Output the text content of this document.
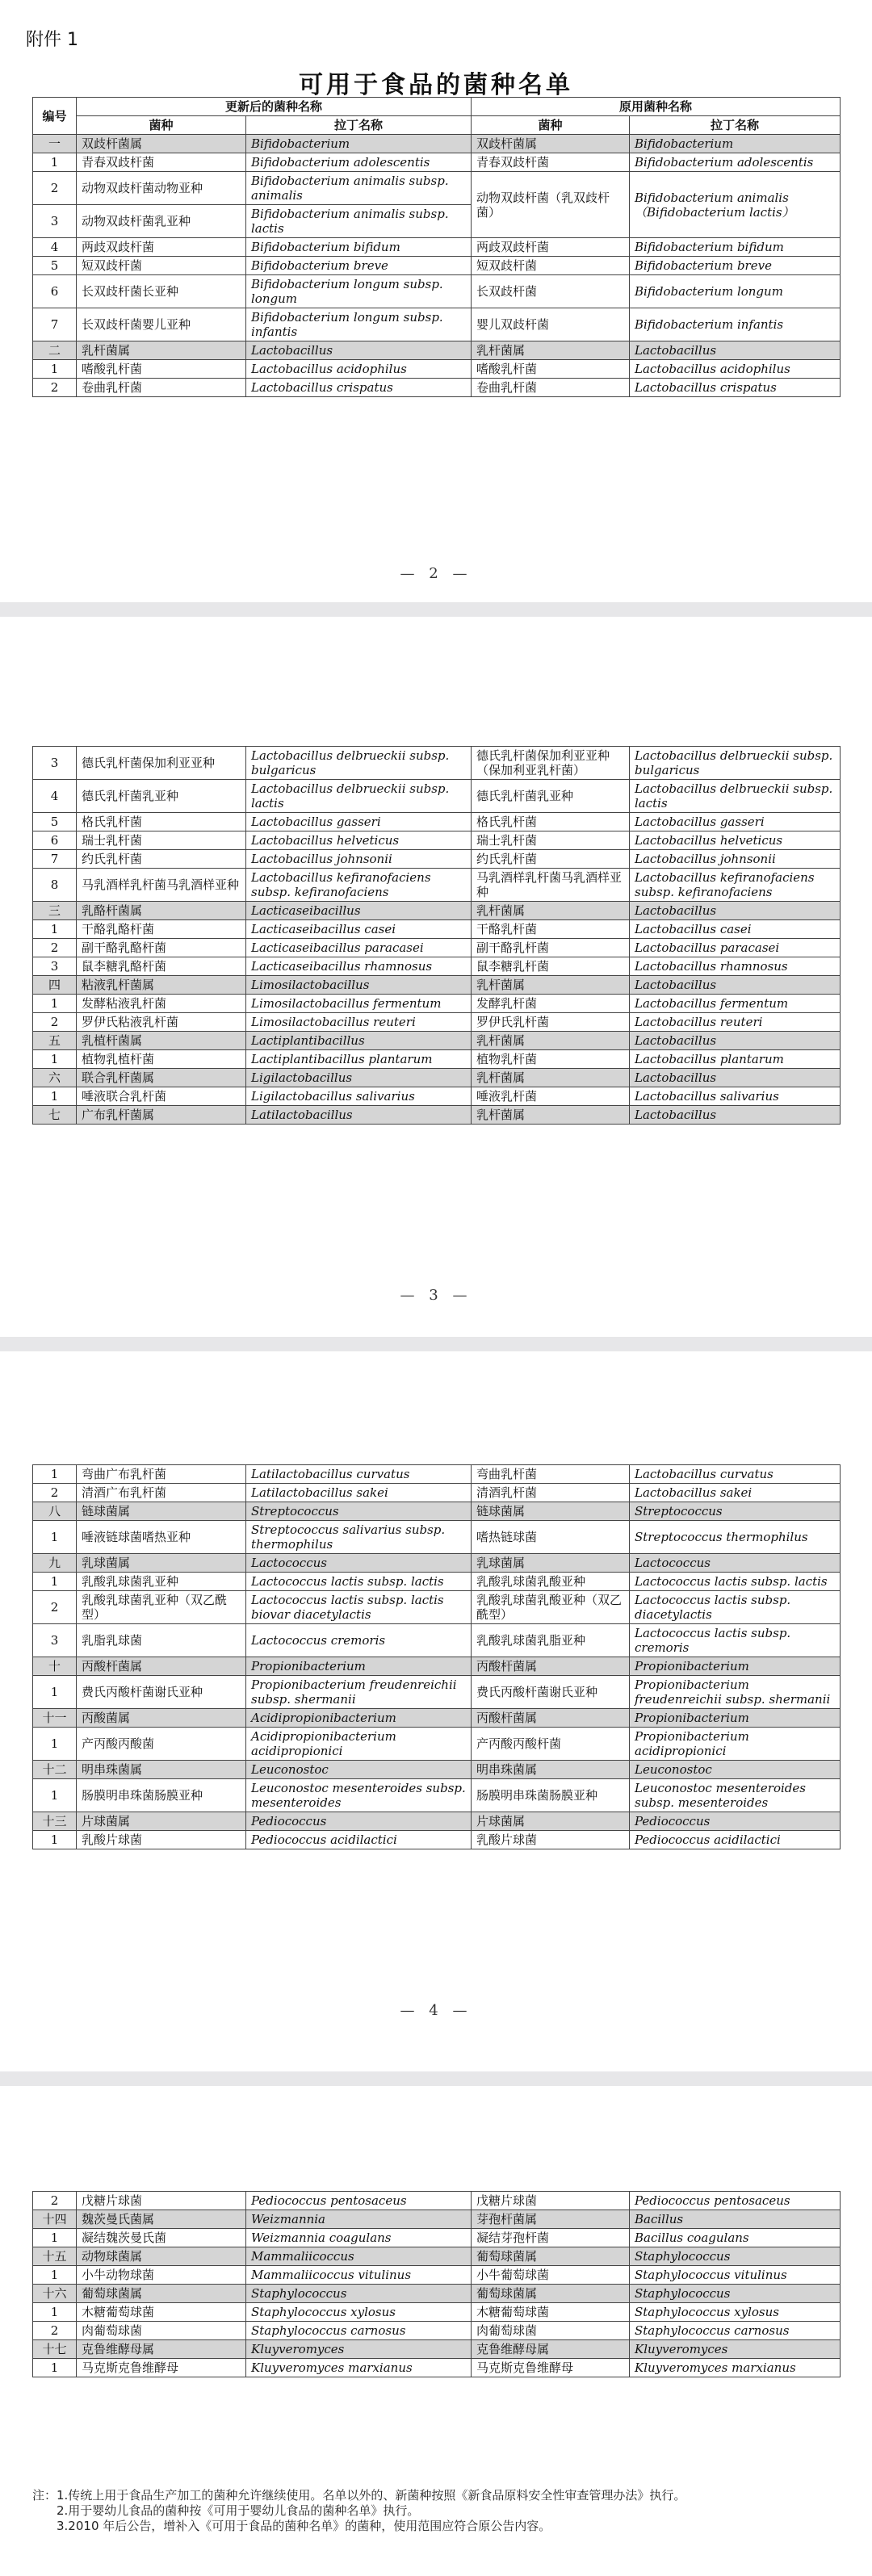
附件 1
可用于食品的菌种名单
编号	更新后的菌种名称		原用菌种名称	
	菌种	拉丁名称	菌种	拉丁名称
一	双歧杆菌属	Bifidobacterium	双歧杆菌属	Bifidobacterium
1	青春双歧杆菌	Bifidobacterium adolescentis	青春双歧杆菌	Bifidobacterium adolescentis
2	动物双歧杆菌动物亚种	Bifidobacterium animalis subsp. animalis	动物双歧杆菌（乳双歧杆菌）	Bifidobacterium animalis（Bifidobacterium lactis）
3	动物双歧杆菌乳亚种	Bifidobacterium animalis subsp. lactis		
4	两歧双歧杆菌	Bifidobacterium bifidum	两歧双歧杆菌	Bifidobacterium bifidum
5	短双歧杆菌	Bifidobacterium breve	短双歧杆菌	Bifidobacterium breve
6	长双歧杆菌长亚种	Bifidobacterium longum subsp. longum	长双歧杆菌	Bifidobacterium longum
7	长双歧杆菌婴儿亚种	Bifidobacterium longum subsp. infantis	婴儿双歧杆菌	Bifidobacterium infantis
二	乳杆菌属	Lactobacillus	乳杆菌属	Lactobacillus
1	嗜酸乳杆菌	Lactobacillus acidophilus	嗜酸乳杆菌	Lactobacillus acidophilus
2	卷曲乳杆菌	Lactobacillus crispatus	卷曲乳杆菌	Lactobacillus crispatus
— 2 —
3	德氏乳杆菌保加利亚亚种	Lactobacillus delbrueckii subsp. bulgaricus	德氏乳杆菌保加利亚亚种（保加利亚乳杆菌）	Lactobacillus delbrueckii subsp. bulgaricus
4	德氏乳杆菌乳亚种	Lactobacillus delbrueckii subsp. lactis	德氏乳杆菌乳亚种	Lactobacillus delbrueckii subsp. lactis
5	格氏乳杆菌	Lactobacillus gasseri	格氏乳杆菌	Lactobacillus gasseri
6	瑞士乳杆菌	Lactobacillus helveticus	瑞士乳杆菌	Lactobacillus helveticus
7	约氏乳杆菌	Lactobacillus johnsonii	约氏乳杆菌	Lactobacillus johnsonii
8	马乳酒样乳杆菌马乳酒样亚种	Lactobacillus kefiranofaciens subsp. kefiranofaciens	马乳酒样乳杆菌马乳酒样亚种	Lactobacillus kefiranofaciens subsp. kefiranofaciens
三	乳酪杆菌属	Lacticaseibacillus	乳杆菌属	Lactobacillus
1	干酪乳酪杆菌	Lacticaseibacillus casei	干酪乳杆菌	Lactobacillus casei
2	副干酪乳酪杆菌	Lacticaseibacillus paracasei	副干酪乳杆菌	Lactobacillus paracasei
3	鼠李糖乳酪杆菌	Lacticaseibacillus rhamnosus	鼠李糖乳杆菌	Lactobacillus rhamnosus
四	粘液乳杆菌属	Limosilactobacillus	乳杆菌属	Lactobacillus
1	发酵粘液乳杆菌	Limosilactobacillus fermentum	发酵乳杆菌	Lactobacillus fermentum
2	罗伊氏粘液乳杆菌	Limosilactobacillus reuteri	罗伊氏乳杆菌	Lactobacillus reuteri
五	乳植杆菌属	Lactiplantibacillus	乳杆菌属	Lactobacillus
1	植物乳植杆菌	Lactiplantibacillus plantarum	植物乳杆菌	Lactobacillus plantarum
六	联合乳杆菌属	Ligilactobacillus	乳杆菌属	Lactobacillus
1	唾液联合乳杆菌	Ligilactobacillus salivarius	唾液乳杆菌	Lactobacillus salivarius
七	广布乳杆菌属	Latilactobacillus	乳杆菌属	Lactobacillus
— 3 —
1	弯曲广布乳杆菌	Latilactobacillus curvatus	弯曲乳杆菌	Lactobacillus curvatus
2	清酒广布乳杆菌	Latilactobacillus sakei	清酒乳杆菌	Lactobacillus sakei
八	链球菌属	Streptococcus	链球菌属	Streptococcus
1	唾液链球菌嗜热亚种	Streptococcus salivarius subsp. thermophilus	嗜热链球菌	Streptococcus thermophilus
九	乳球菌属	Lactococcus	乳球菌属	Lactococcus
1	乳酸乳球菌乳亚种	Lactococcus lactis subsp. lactis	乳酸乳球菌乳酸亚种	Lactococcus lactis subsp. lactis
2	乳酸乳球菌乳亚种（双乙酰型）	Lactococcus lactis subsp. lactis biovar diacetylactis	乳酸乳球菌乳酸亚种（双乙酰型）	Lactococcus lactis subsp. diacetylactis
3	乳脂乳球菌	Lactococcus cremoris	乳酸乳球菌乳脂亚种	Lactococcus lactis subsp. cremoris
十	丙酸杆菌属	Propionibacterium	丙酸杆菌属	Propionibacterium
1	费氏丙酸杆菌谢氏亚种	Propionibacterium freudenreichii subsp. shermanii	费氏丙酸杆菌谢氏亚种	Propionibacterium freudenreichii subsp. shermanii
十一	丙酸菌属	Acidipropionibacterium	丙酸杆菌属	Propionibacterium
1	产丙酸丙酸菌	Acidipropionibacterium acidipropionici	产丙酸丙酸杆菌	Propionibacterium acidipropionici
十二	明串珠菌属	Leuconostoc	明串珠菌属	Leuconostoc
1	肠膜明串珠菌肠膜亚种	Leuconostoc mesenteroides subsp. mesenteroides	肠膜明串珠菌肠膜亚种	Leuconostoc mesenteroides subsp. mesenteroides
十三	片球菌属	Pediococcus	片球菌属	Pediococcus
1	乳酸片球菌	Pediococcus acidilactici	乳酸片球菌	Pediococcus acidilactici
— 4 —
2	戊糖片球菌	Pediococcus pentosaceus	戊糖片球菌	Pediococcus pentosaceus
十四	魏茨曼氏菌属	Weizmannia	芽孢杆菌属	Bacillus
1	凝结魏茨曼氏菌	Weizmannia coagulans	凝结芽孢杆菌	Bacillus coagulans
十五	动物球菌属	Mammaliicoccus	葡萄球菌属	Staphylococcus
1	小牛动物球菌	Mammaliicoccus vitulinus	小牛葡萄球菌	Staphylococcus vitulinus
十六	葡萄球菌属	Staphylococcus	葡萄球菌属	Staphylococcus
1	木糖葡萄球菌	Staphylococcus xylosus	木糖葡萄球菌	Staphylococcus xylosus
2	肉葡萄球菌	Staphylococcus carnosus	肉葡萄球菌	Staphylococcus carnosus
十七	克鲁维酵母属	Kluyveromyces	克鲁维酵母属	Kluyveromyces
1	马克斯克鲁维酵母	Kluyveromyces marxianus	马克斯克鲁维酵母	Kluyveromyces marxianus
注：1.传统上用于食品生产加工的菌种允许继续使用。名单以外的、新菌种按照《新食品原料安全性审查管理办法》执行。
2.用于婴幼儿食品的菌种按《可用于婴幼儿食品的菌种名单》执行。
3.2010 年后公告，增补入《可用于食品的菌种名单》的菌种，使用范围应符合原公告内容。
